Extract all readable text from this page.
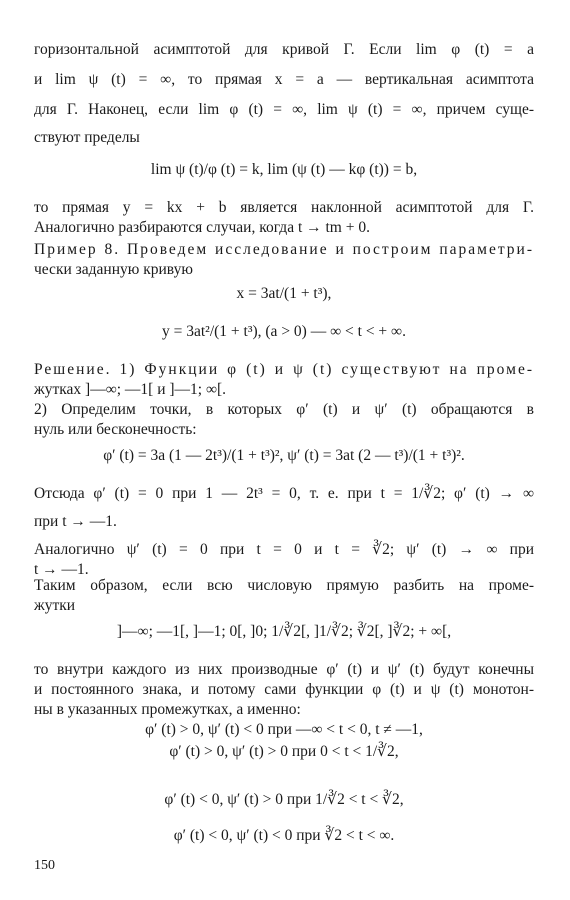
горизонтальной асимптотой для кривой Г. Если lim φ (t) = a
и lim ψ (t) = ∞, то прямая x = a — вертикальная асимптота
для Г. Наконец, если lim φ (t) = ∞, lim ψ (t) = ∞, причем суще-
ствуют пределы
lim ψ (t)/φ (t) = k, lim (ψ (t) — kφ (t)) = b,
то прямая y = kx + b является наклонной асимптотой для Г.
Аналогично разбираются случаи, когда t → tm + 0.
Пример 8. Проведем исследование и построим параметри-
чески заданную кривую
x = 3at/(1 + t³),
y = 3at²/(1 + t³), (a > 0) — ∞ < t < + ∞.
Решение. 1) Функции φ (t) и ψ (t) существуют на проме-
жутках ]—∞; —1[ и ]—1; ∞[.
2) Определим точки, в которых φ′ (t) и ψ′ (t) обращаются в
нуль или бесконечность:
φ′ (t) = 3a (1 — 2t³)/(1 + t³)², ψ′ (t) = 3at (2 — t³)/(1 + t³)².
Отсюда φ′ (t) = 0 при 1 — 2t³ = 0, т. е. при t = 1/∛2; φ′ (t) → ∞
при t → —1.
Аналогично ψ′ (t) = 0 при t = 0 и t = ∛2; ψ′ (t) → ∞ при
t → —1.
Таким образом, если всю числовую прямую разбить на проме-
жутки
]—∞; —1[, ]—1; 0[, ]0; 1/∛2[, ]1/∛2; ∛2[, ]∛2; + ∞[,
то внутри каждого из них производные φ′ (t) и ψ′ (t) будут конечны
и постоянного знака, и потому сами функции φ (t) и ψ (t) монотон-
ны в указанных промежутках, а именно:
φ′ (t) > 0, ψ′ (t) < 0 при —∞ < t < 0, t ≠ —1,
φ′ (t) > 0, ψ′ (t) > 0 при 0 < t < 1/∛2,
φ′ (t) < 0, ψ′ (t) > 0 при 1/∛2 < t < ∛2,
φ′ (t) < 0, ψ′ (t) < 0 при ∛2 < t < ∞.
150
